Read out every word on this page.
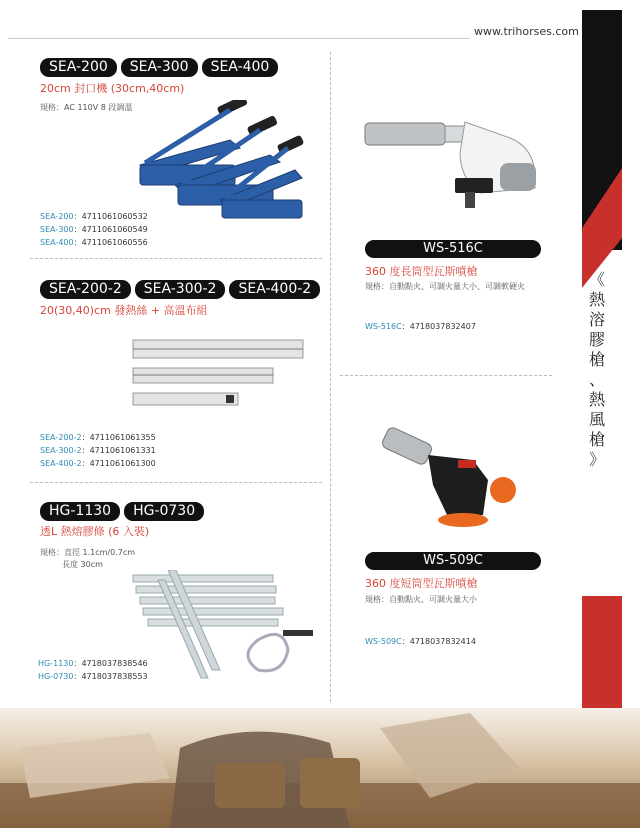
www.trihorses.com
《
熱
溶
膠
槍
、
熱
風
槍
》
SEA-200	SEA-300	SEA-400
20cm 封口機 (30cm,40cm)
規格：AC 110V 8 段調溫
SEA-200：4711061060532
SEA-300：4711061060549
SEA-400：4711061060556
SEA-200-2	SEA-300-2	SEA-400-2
20(30,40)cm 發熱絲 + 高溫布組
SEA-200-2：4711061061355
SEA-300-2：4711061061331
SEA-400-2：4711061061300
HG-1130	HG-0730
透L 熱熔膠條 (6 入裝)
規格：直徑 1.1cm/0.7cm
長度 30cm
HG-1130：4718037838546
HG-0730：4718037838553
WS-516C
360 度長筒型瓦斯噴槍
規格：自動點火、可調火量大小、可調軟硬火
WS-516C：4718037832407
WS-509C
360 度短筒型瓦斯噴槍
規格：自動點火、可調火量大小
WS-509C：4718037832414
